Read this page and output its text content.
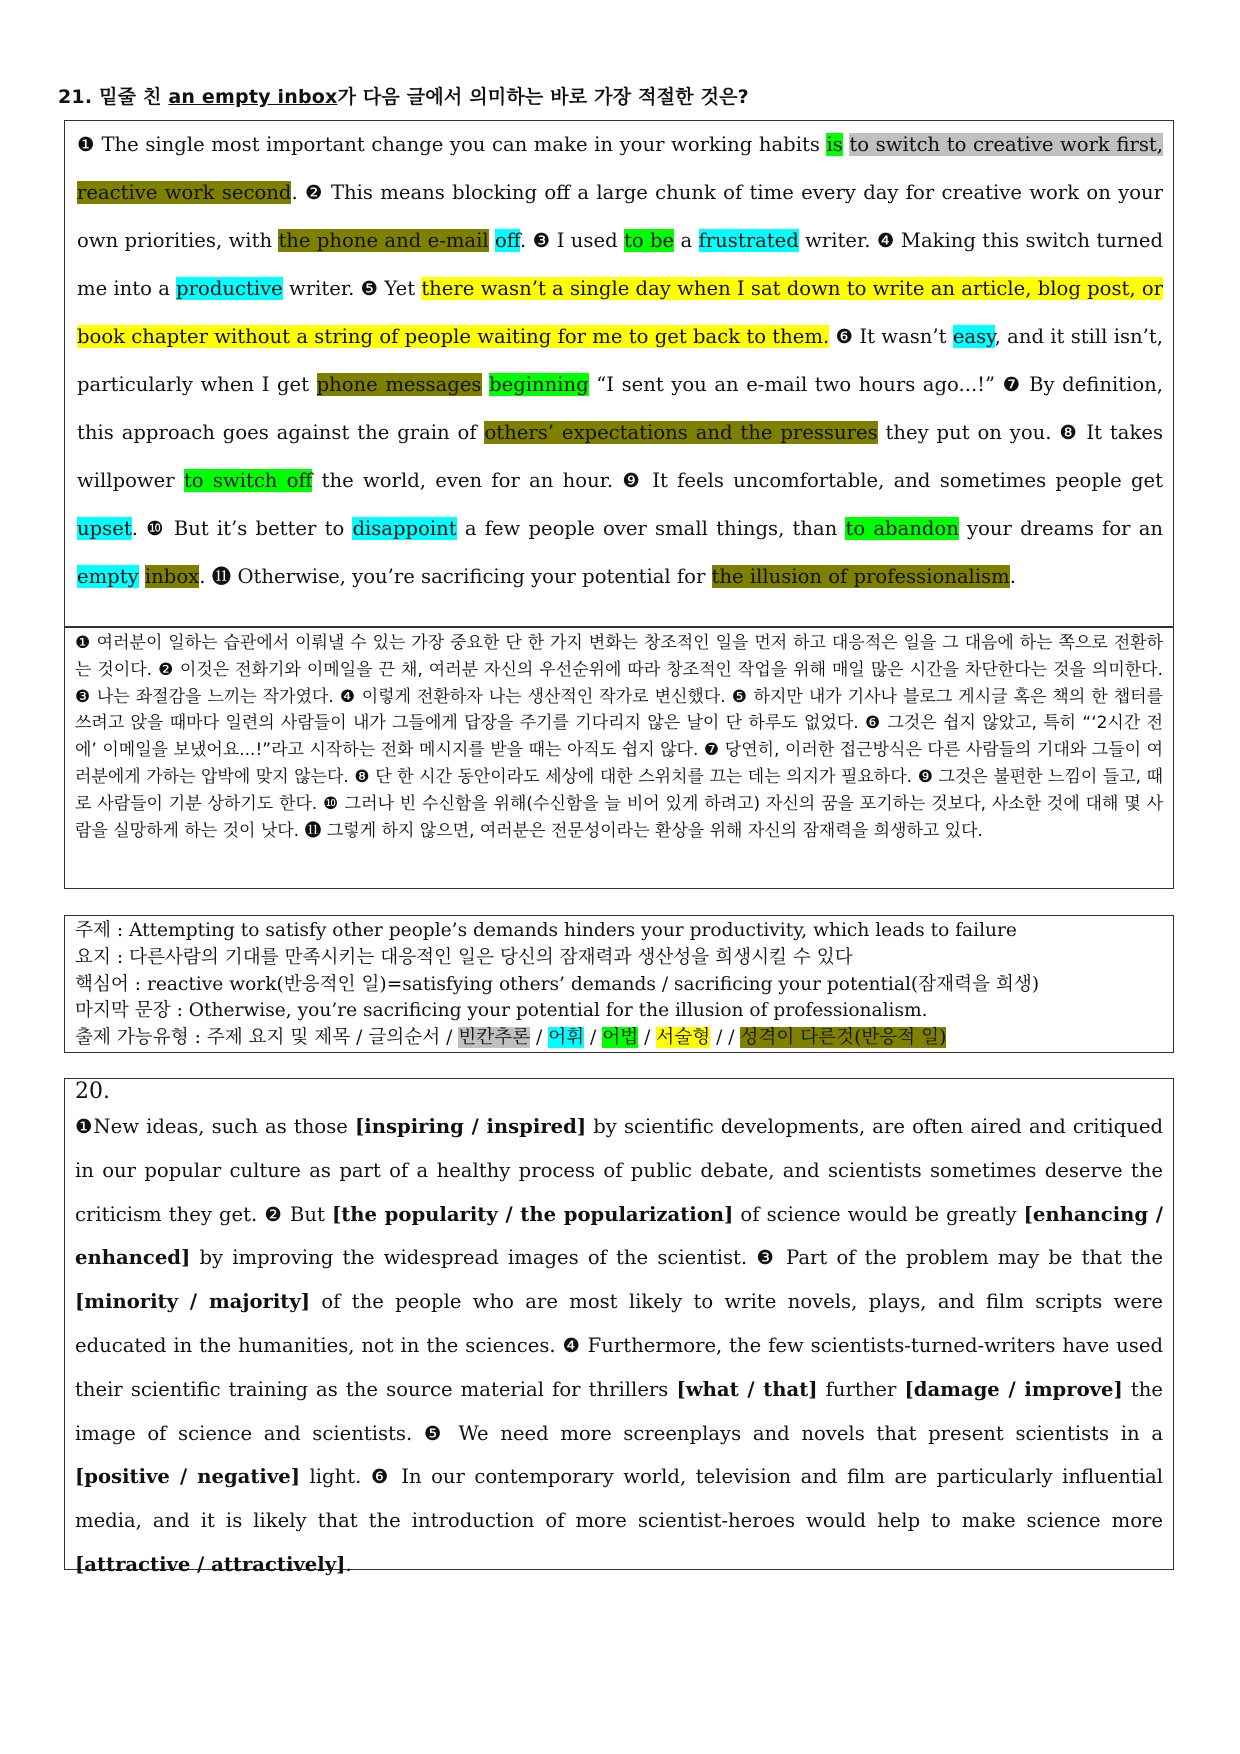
21. 밑줄 친 an empty inbox가 다음 글에서 의미하는 바로 가장 적절한 것은?

❶ The single most important change you can make in your working habits is to switch to creative work first, reactive work second. ❷ This means blocking off a large chunk of time every day for creative work on your own priorities, with the phone and e-mail off. ❸ I used to be a frustrated writer. ❹ Making this switch turned me into a productive writer. ❺ Yet there wasn’t a single day when I sat down to write an article, blog post, or book chapter without a string of people waiting for me to get back to them. ❻ It wasn’t easy, and it still isn’t, particularly when I get phone messages beginning “I sent you an e-mail two hours ago...!” ❼ By definition, this approach goes against the grain of others’ expectations and the pressures they put on you. ❽ It takes willpower to switch off the world, even for an hour. ❾ It feels uncomfortable, and sometimes people get upset. ❿ But it’s better to disappoint a few people over small things, than to abandon your dreams for an empty inbox. ⓫ Otherwise, you’re sacrificing your potential for the illusion of professionalism.

❶ 여러분이 일하는 습관에서 이뤄낼 수 있는 가장 중요한 단 한 가지 변화는 창조적인 일을 먼저 하고 대응적은 일을 그 대음에 하는 쪽으로 전환하는 것이다. ❷ 이것은 전화기와 이메일을 끈 채, 여러분 자신의 우선순위에 따라 창조적인 작업을 위해 매일 많은 시간을 차단한다는 것을 의미한다. ❸ 나는 좌절감을 느끼는 작가였다. ❹ 이렇게 전환하자 나는 생산적인 작가로 변신했다. ❺ 하지만 내가 기사나 블로그 게시글 혹은 책의 한 챕터를 쓰려고 앉을 때마다 일련의 사람들이 내가 그들에게 답장을 주기를 기다리지 않은 날이 단 하루도 없었다. ❻ 그것은 쉽지 않았고, 특히 “‘2시간 전에’ 이메일을 보냈어요...!”라고 시작하는 전화 메시지를 받을 때는 아직도 쉽지 않다. ❼ 당연히, 이러한 접근방식은 다른 사람들의 기대와 그들이 여러분에게 가하는 압박에 맞지 않는다. ❽ 단 한 시간 동안이라도 세상에 대한 스위치를 끄는 데는 의지가 필요하다. ❾ 그것은 불편한 느낌이 들고, 때로 사람들이 기분 상하기도 한다. ❿ 그러나 빈 수신함을 위해(수신함을 늘 비어 있게 하려고) 자신의 꿈을 포기하는 것보다, 사소한 것에 대해 몇 사람을 실망하게 하는 것이 낫다. ⓫ 그렇게 하지 않으면, 여러분은 전문성이라는 환상을 위해 자신의 잠재력을 희생하고 있다.

주제 : Attempting to satisfy other people’s demands hinders your productivity, which leads to failure
요지 : 다른사람의 기대를 만족시키는 대응적인 일은 당신의 잠재력과 생산성을 희생시킬 수 있다
핵심어 : reactive work(반응적인 일)=satisfying others’ demands / sacrificing your potential(잠재력을 희생)
마지막 문장 : Otherwise, you’re sacrificing your potential for the illusion of professionalism.
출제 가능유형 : 주제 요지 및 제목 / 글의순서 / 빈칸추론 / 어휘 / 어법 / 서술형 / / 성격이 다른것(반응적 일)
20.

❶New ideas, such as those [inspiring / inspired] by scientific developments, are often aired and critiqued in our popular culture as part of a healthy process of public debate, and scientists sometimes deserve the criticism they get. ❷ But [the popularity / the popularization] of science would be greatly [enhancing / enhanced] by improving the widespread images of the scientist. ❸ Part of the problem may be that the [minority / majority] of the people who are most likely to write novels, plays, and film scripts were educated in the humanities, not in the sciences. ❹ Furthermore, the few scientists-turned-writers have used their scientific training as the source material for thrillers [what / that] further [damage / improve] the image of science and scientists. ❺ We need more screenplays and novels that present scientists in a [positive / negative] light. ❻ In our contemporary world, television and film are particularly influential media, and it is likely that the introduction of more scientist-heroes would help to make science more [attractive / attractively].
